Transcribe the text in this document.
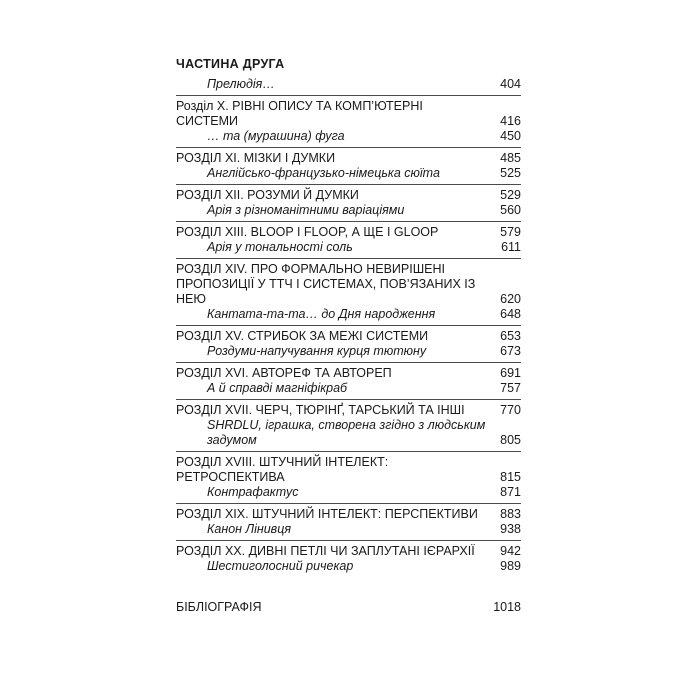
ЧАСТИНА ДРУГА
Прелюдія…	404
Розділ X. РІВНІ ОПИСУ ТА КОМП’ЮТЕРНІ СИСТЕМИ	416
… та (мурашина) фуга	450
РОЗДІЛ XI. МІЗКИ І ДУМКИ	485
Англійсько-французько-німецька сюїта	525
РОЗДІЛ XII. РОЗУМИ Й ДУМКИ	529
Арія з різноманітними варіаціями	560
РОЗДІЛ XIII. BLOOP І FLOOP, А ЩЕ І GLOOP	579
Арія у тональності соль	611
РОЗДІЛ XIV. ПРО ФОРМАЛЬНО НЕВИРІШЕНІ
ПРОПОЗИЦІЇ У ТТЧ І СИСТЕМАХ, ПОВ’ЯЗАНИХ ІЗ НЕЮ	620
Кантата-та-та… до Дня народження	648
РОЗДІЛ XV. СТРИБОК ЗА МЕЖІ СИСТЕМИ	653
Роздуми-напучування курця тютюну	673
РОЗДІЛ XVI. АВТОРЕФ ТА АВТОРЕП	691
А й справді магніфікраб	757
РОЗДІЛ XVII. ЧЕРЧ, ТЮРІНҐ, ТАРСЬКИЙ ТА ІНШІ	770
SHRDLU, іграшка, створена згідно з людським
задумом	805
РОЗДІЛ XVIII. ШТУЧНИЙ ІНТЕЛЕКТ: РЕТРОСПЕКТИВА	815
Контрафактус	871
РОЗДІЛ XIX. ШТУЧНИЙ ІНТЕЛЕКТ: ПЕРСПЕКТИВИ	883
Канон Лінивця	938
РОЗДІЛ XX. ДИВНІ ПЕТЛІ ЧИ ЗАПЛУТАНІ ІЄРАРХІЇ	942
Шестиголосний ричекар	989
БІБЛІОГРАФІЯ	1018
